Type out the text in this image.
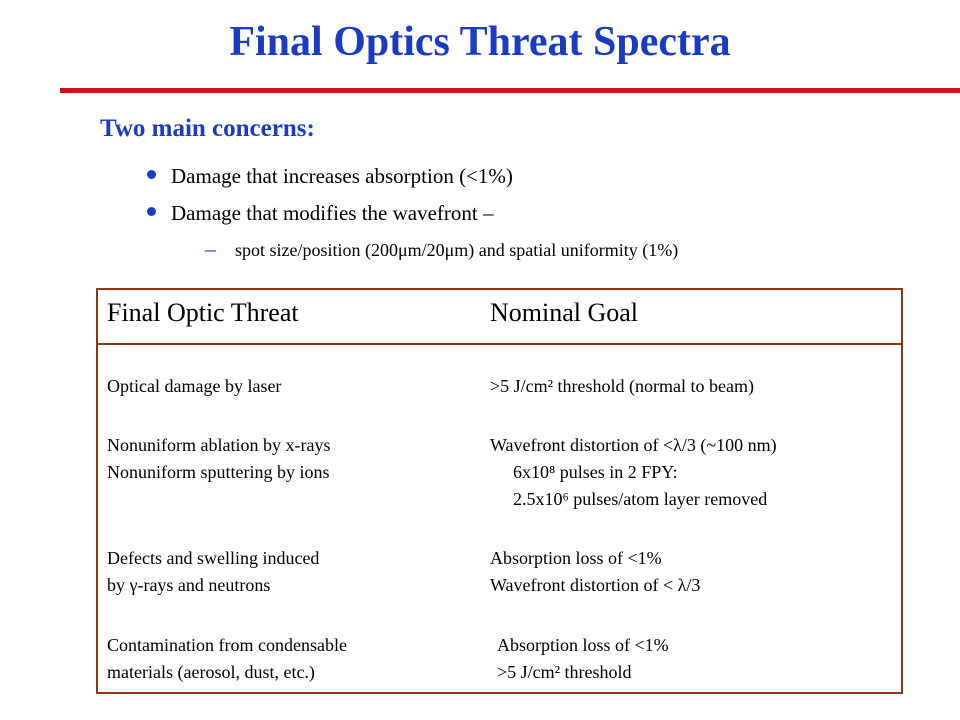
Final Optics Threat Spectra
Two main concerns:
Damage that increases absorption (<1%)
Damage that modifies the wavefront –
– spot size/position (200μm/20μm) and spatial uniformity (1%)
Final Optic Threat	Nominal Goal
Optical damage by laser	>5 J/cm² threshold (normal to beam)
Nonuniform ablation by x-rays
Nonuniform sputtering by ions
Wavefront distortion of <λ/3 (~100 nm)
6x10⁸ pulses in 2 FPY:
2.5x10⁶ pulses/atom layer removed
Defects and swelling induced
by γ-rays and neutrons
Absorption loss of <1%
Wavefront distortion of < λ/3
Contamination from condensable
materials (aerosol, dust, etc.)
Absorption loss of <1%
>5 J/cm² threshold
